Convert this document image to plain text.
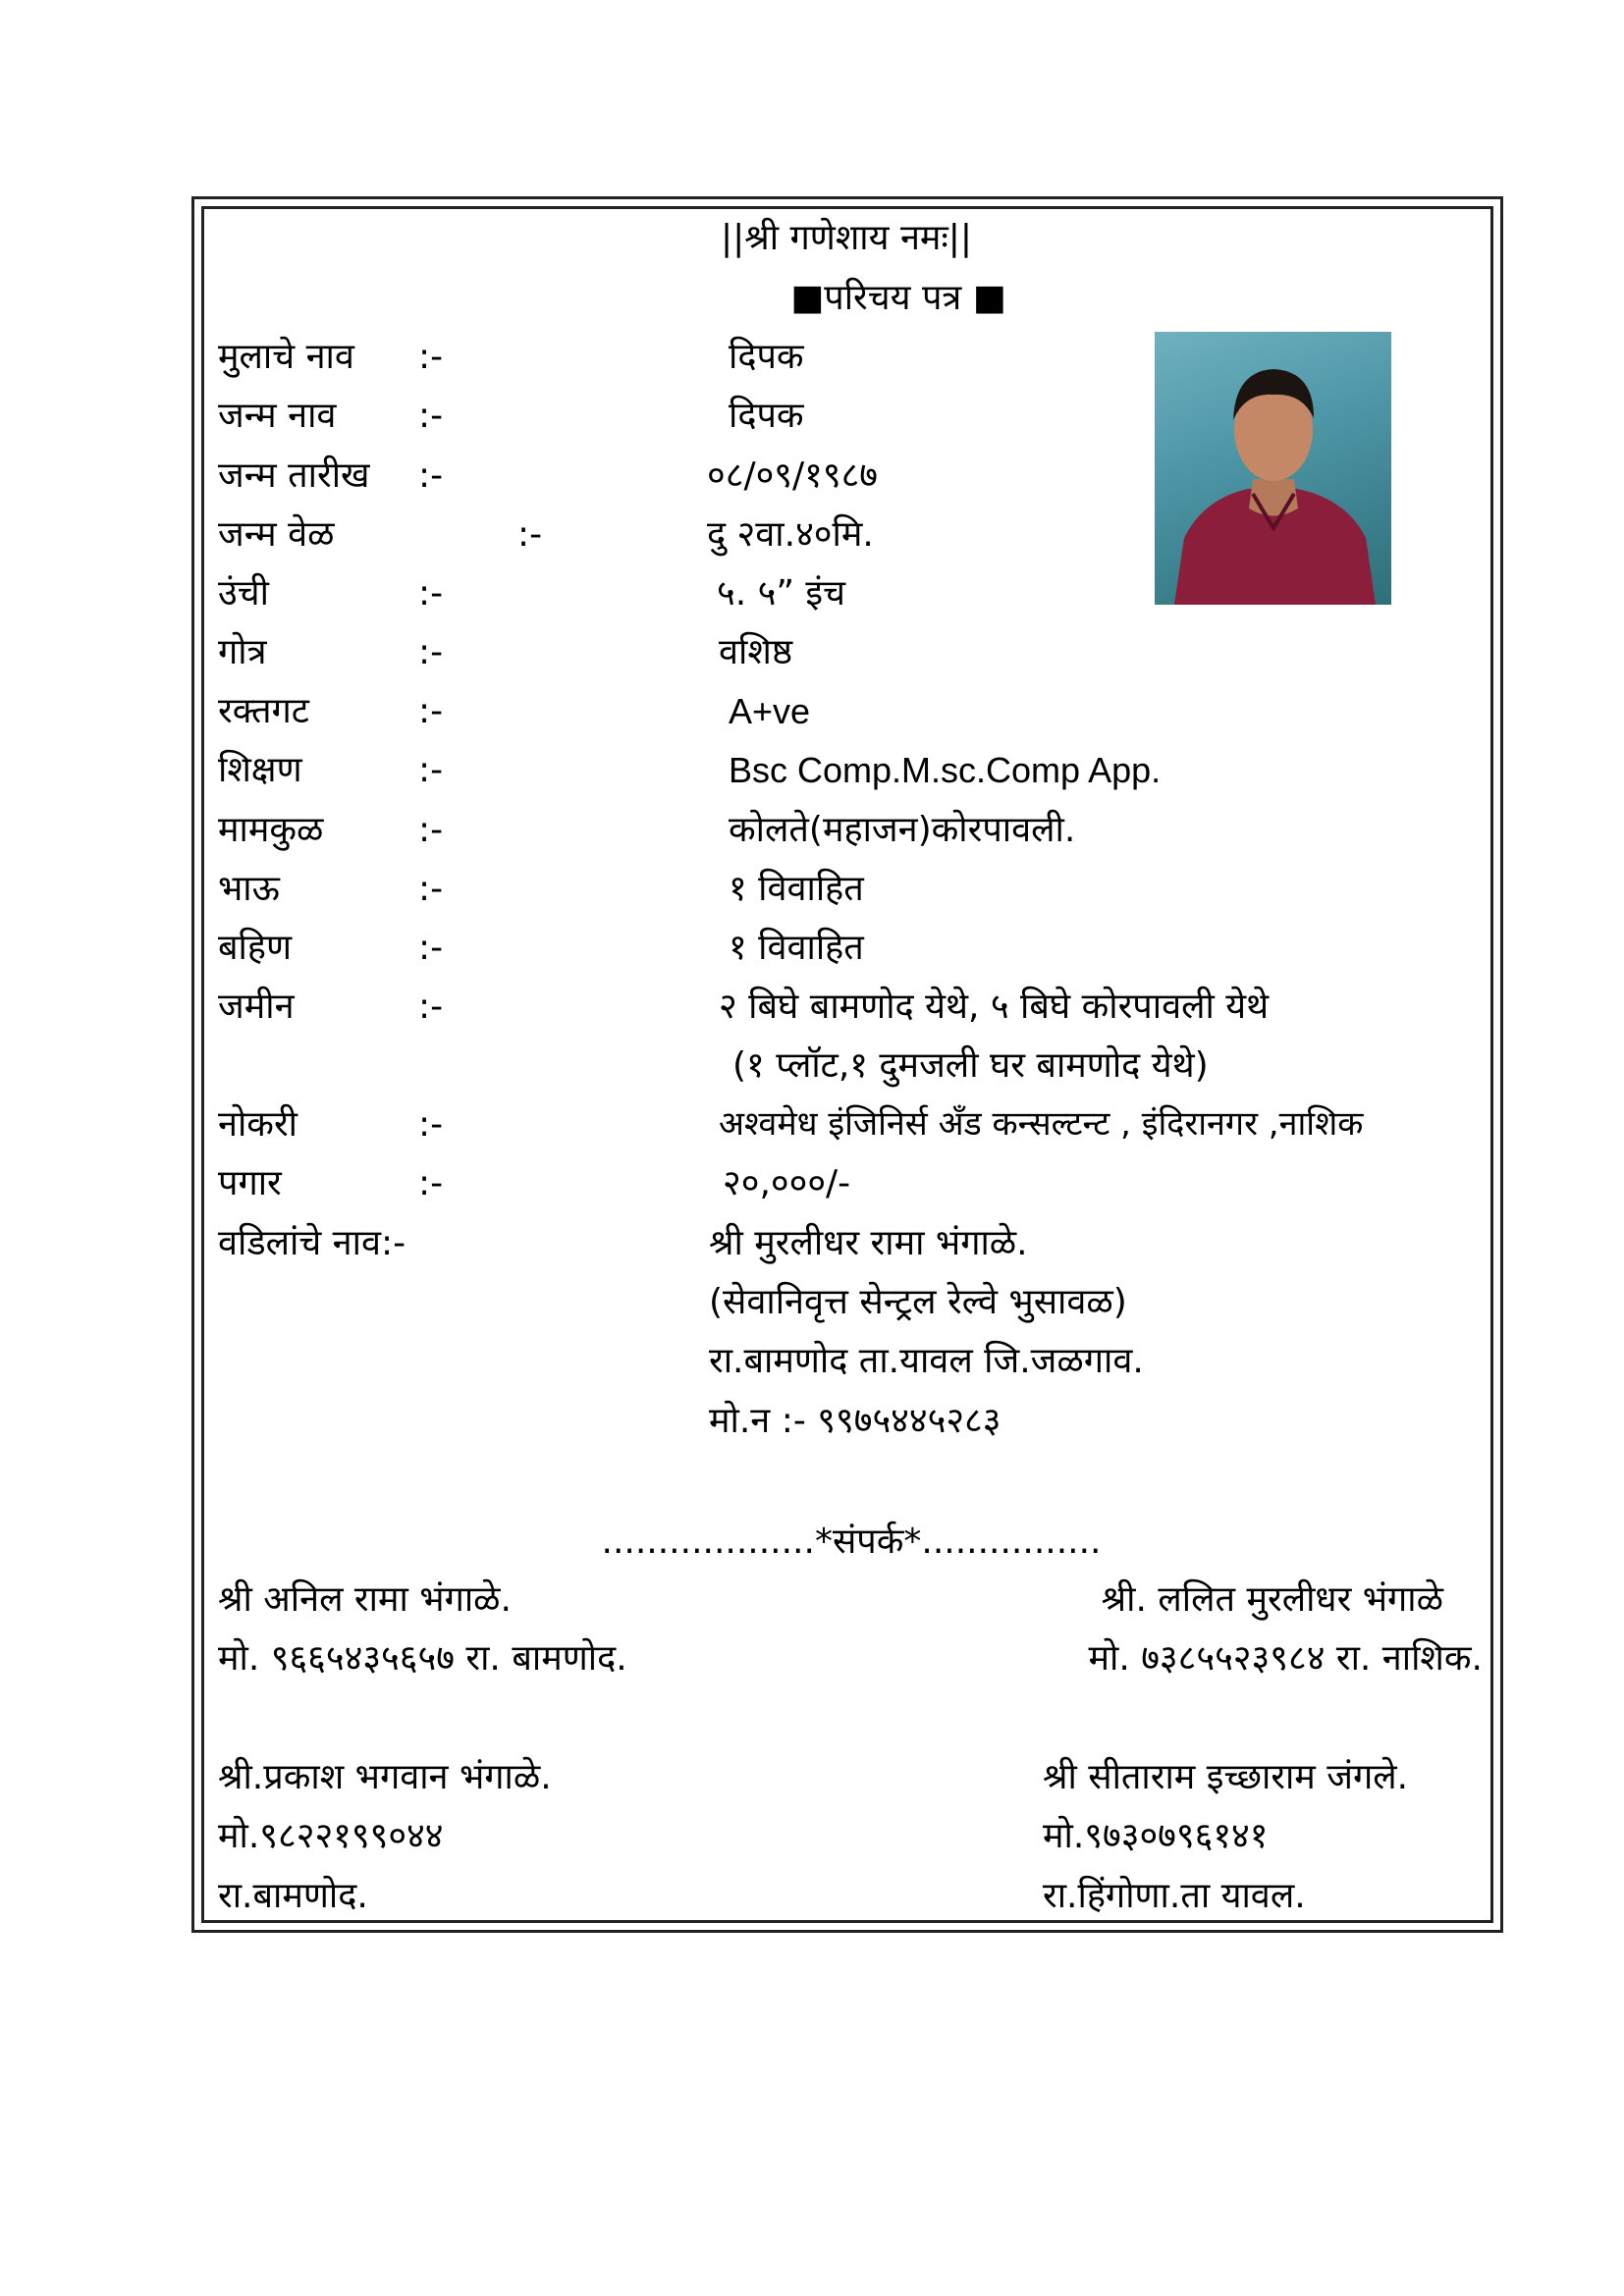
||श्री गणेशाय नमः||
■परिचय पत्र ■
मुलाचे नाव :-	दिपक
जन्म नाव :-	दिपक
जन्म तारीख :-	०८/०९/१९८७
जन्म वेळ	:-	दु २वा.४०मि.
उंची	:-	५. ५” इंच
गोत्र	:-	वशिष्ठ
रक्तगट	:-	A+ve
शिक्षण	:-	Bsc Comp.M.sc.Comp App.
मामकुळ	:-	कोलते(महाजन)कोरपावली.
भाऊ	:-	१ विवाहित
बहिण	:-	१ विवाहित
जमीन	:-	२ बिघे बामणोद येथे, ५ बिघे कोरपावली येथे
(१ प्लॉट,१ दुमजली घर बामणोद येथे)
नोकरी	:-	अश्वमेध इंजिनिर्स अँड कन्सल्टन्ट , इंदिरानगर ,नाशिक
पगार	:-	२०,०००/-
वडिलांचे नाव:-	श्री मुरलीधर रामा भंगाळे.
(सेवानिवृत्त सेन्ट्रल रेल्वे भुसावळ)
रा.बामणोद ता.यावल जि.जळगाव.
मो.न :- ९९७५४४५२८३
...................*संपर्क*................
श्री अनिल रामा भंगाळे.
मो. ९६६५४३५६५७ रा. बामणोद.
श्री. ललित मुरलीधर भंगाळे
मो. ७३८५५२३९८४ रा. नाशिक.
श्री.प्रकाश भगवान भंगाळे.
मो.९८२२१९९०४४
रा.बामणोद.
श्री सीताराम इच्छाराम जंगले.
मो.९७३०७९६१४१
रा.हिंगोणा.ता यावल.
